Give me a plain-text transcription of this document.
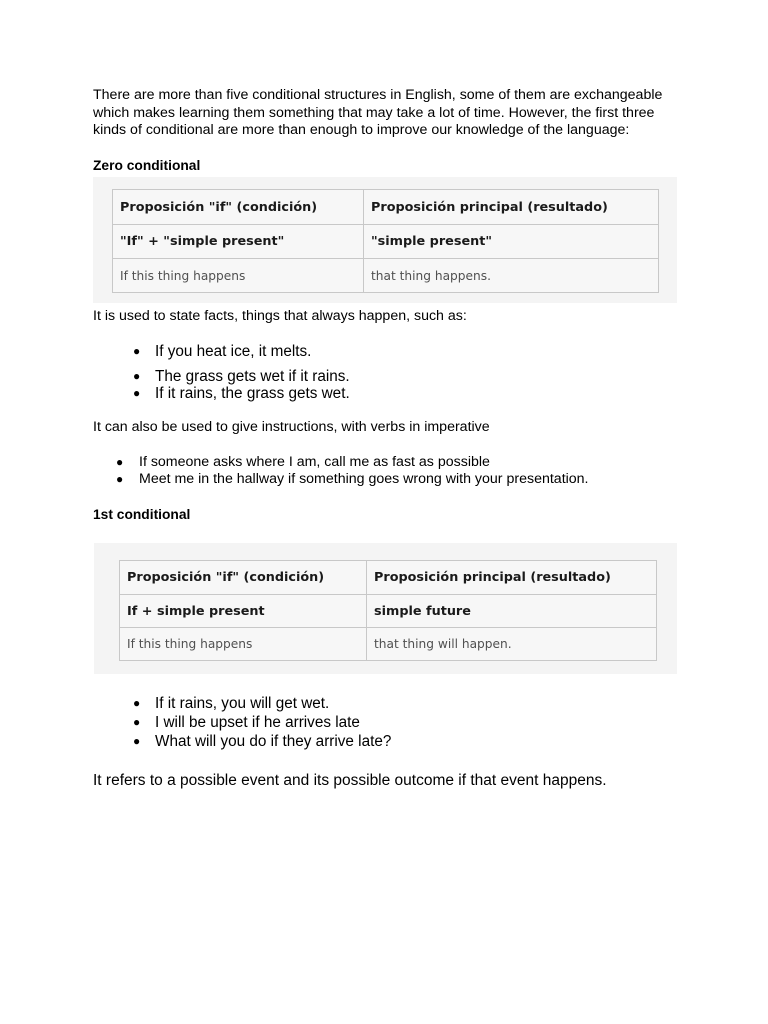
There are more than five conditional structures in English, some of them are exchangeable which makes learning them something that may take a lot of time. However, the first three kinds of conditional are more than enough to improve our knowledge of the language:

Zero conditional

Proposición "if" (condición)	Proposición principal (resultado)
"If" + "simple present"	"simple present"
If this thing happens	that thing happens.

It is used to state facts, things that always happen, such as:

● If you heat ice, it melts.
● The grass gets wet if it rains.
● If it rains, the grass gets wet.

It can also be used to give instructions, with verbs in imperative

● If someone asks where I am, call me as fast as possible
● Meet me in the hallway if something goes wrong with your presentation.

1st conditional

Proposición "if" (condición)	Proposición principal (resultado)
If + simple present	simple future
If this thing happens	that thing will happen.
● If it rains, you will get wet.
● I will be upset if he arrives late
● What will you do if they arrive late?

It refers to a possible event and its possible outcome if that event happens.
